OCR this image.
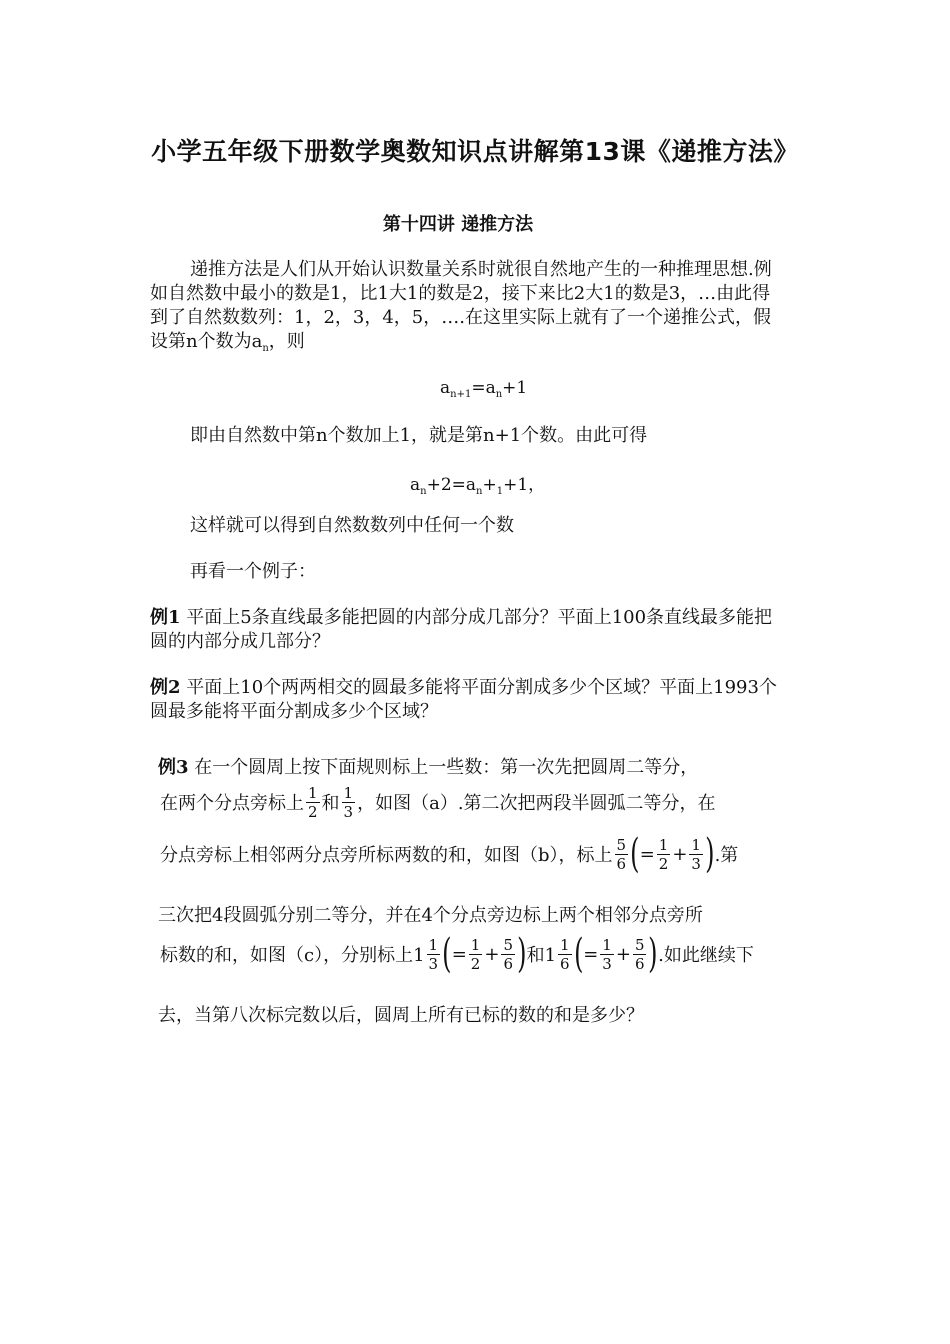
小学五年级下册数学奥数知识点讲解第13课《递推方法》
第十四讲 递推方法
递推方法是人们从开始认识数量关系时就很自然地产生的一种推理思想.例
如自然数中最小的数是1，比1大1的数是2，接下来比2大1的数是3，…由此得
到了自然数数列：1，2，3，4，5，….在这里实际上就有了一个递推公式，假
设第n个数为$a_n$，则
$a_{n+1}=a_n+1$
即由自然数中第n个数加上1，就是第n+1个数。由此可得
$a_n+2=a_n+_1+1$，
这样就可以得到自然数数列中任何一个数
再看一个例子：
例1 平面上5条直线最多能把圆的内部分成几部分？平面上100条直线最多能把
圆的内部分成几部分？
例2 平面上10个两两相交的圆最多能将平面分割成多少个区域？平面上1993个
圆最多能将平面分割成多少个区域？
例3 在一个圆周上按下面规则标上一些数：第一次先把圆周二等分，
在两个分点旁标上 $\frac{1}{2}$ 和 $\frac{1}{3}$ ，如图（a）.第二次把两段半圆弧二等分，在
分点旁标上相邻两分点旁所标两数的和，如图（b），标上 $\frac{5}{6}$ ( = $\frac{1}{2} + \frac{1}{3}$ ) .第
三次把4段圆弧分别二等分，并在4个分点旁边标上两个相邻分点旁所
标数的和，如图（c），分别标上$1 \frac{1}{3}$ ( = $\frac{1}{2} + \frac{5}{6}$ ) 和$1 \frac{1}{6}$ ( = $\frac{1}{3} + \frac{5}{6}$ ) .如此继续下
去，当第八次标完数以后，圆周上所有已标的数的和是多少？
